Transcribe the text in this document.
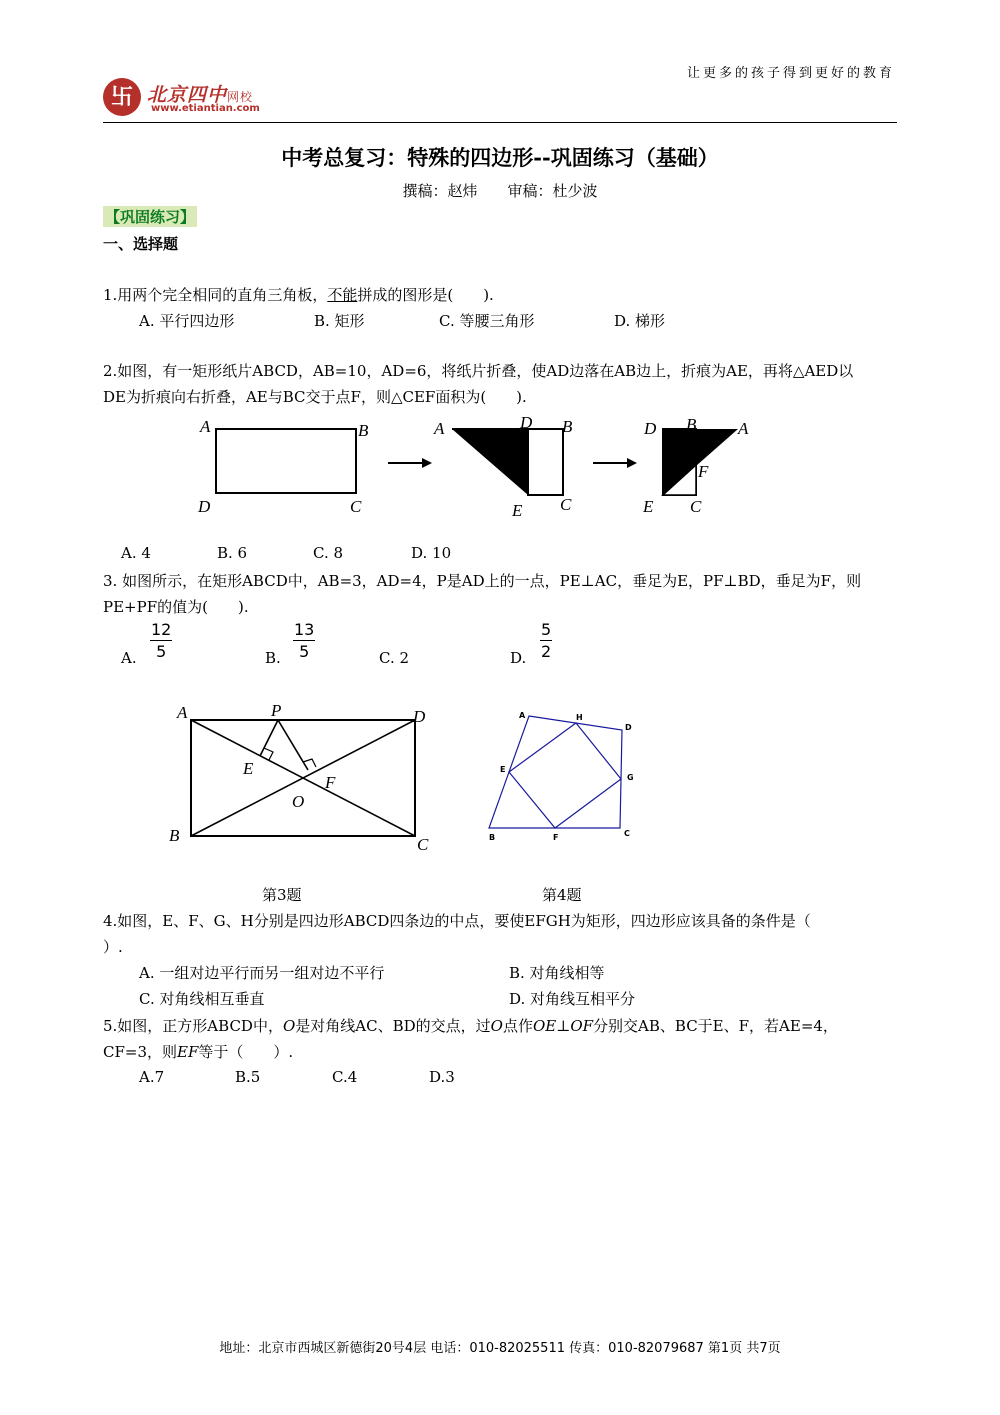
让更多的孩子得到更好的教育
卐 北京四中网校
www.etiantian.com
中考总复习：特殊的四边形--巩固练习（基础）
撰稿：赵炜　　审稿：杜少波
【巩固练习】
一、选择题
1.用两个完全相同的直角三角板，不能拼成的图形是(　　).
A. 平行四边形	B. 矩形	C. 等腰三角形	D. 梯形
2.如图，有一矩形纸片ABCD，AB=10，AD=6，将纸片折叠，使AD边落在AB边上，折痕为AE，再将△AED以
DE为折痕向右折叠，AE与BC交于点F，则△CEF面积为(　　).
A	B
D	C
A	D B
E C
D B A
F
E C
A. 4	B. 6	C. 8	D. 10
3. 如图所示，在矩形ABCD中，AB=3，AD=4，P是AD上的一点，PE⊥AC，垂足为E，PF⊥BD，垂足为F，则
PE+PF的值为(　　).
A. $\frac{12}{5}$	B. $\frac{13}{5}$	C. 2	D. $\frac{5}{2}$
A	P	D
E
F
O
B	C
A	H
D
E
G
B	F	C
第3题	第4题
4.如图，E、F、G、H分别是四边形ABCD四条边的中点，要使EFGH为矩形，四边形应该具备的条件是（
）.
A. 一组对边平行而另一组对边不平行	B. 对角线相等
C. 对角线相互垂直	D. 对角线互相平分
5.如图，正方形ABCD中，O是对角线AC、BD的交点，过O点作OE⊥OF分别交AB、BC于E、F，若AE=4，
CF=3，则EF等于（　　）.
A.7	B.5	C.4	D.3
地址：北京市西城区新德街20号4层 电话：010-82025511 传真：010-82079687 第1页 共7页
